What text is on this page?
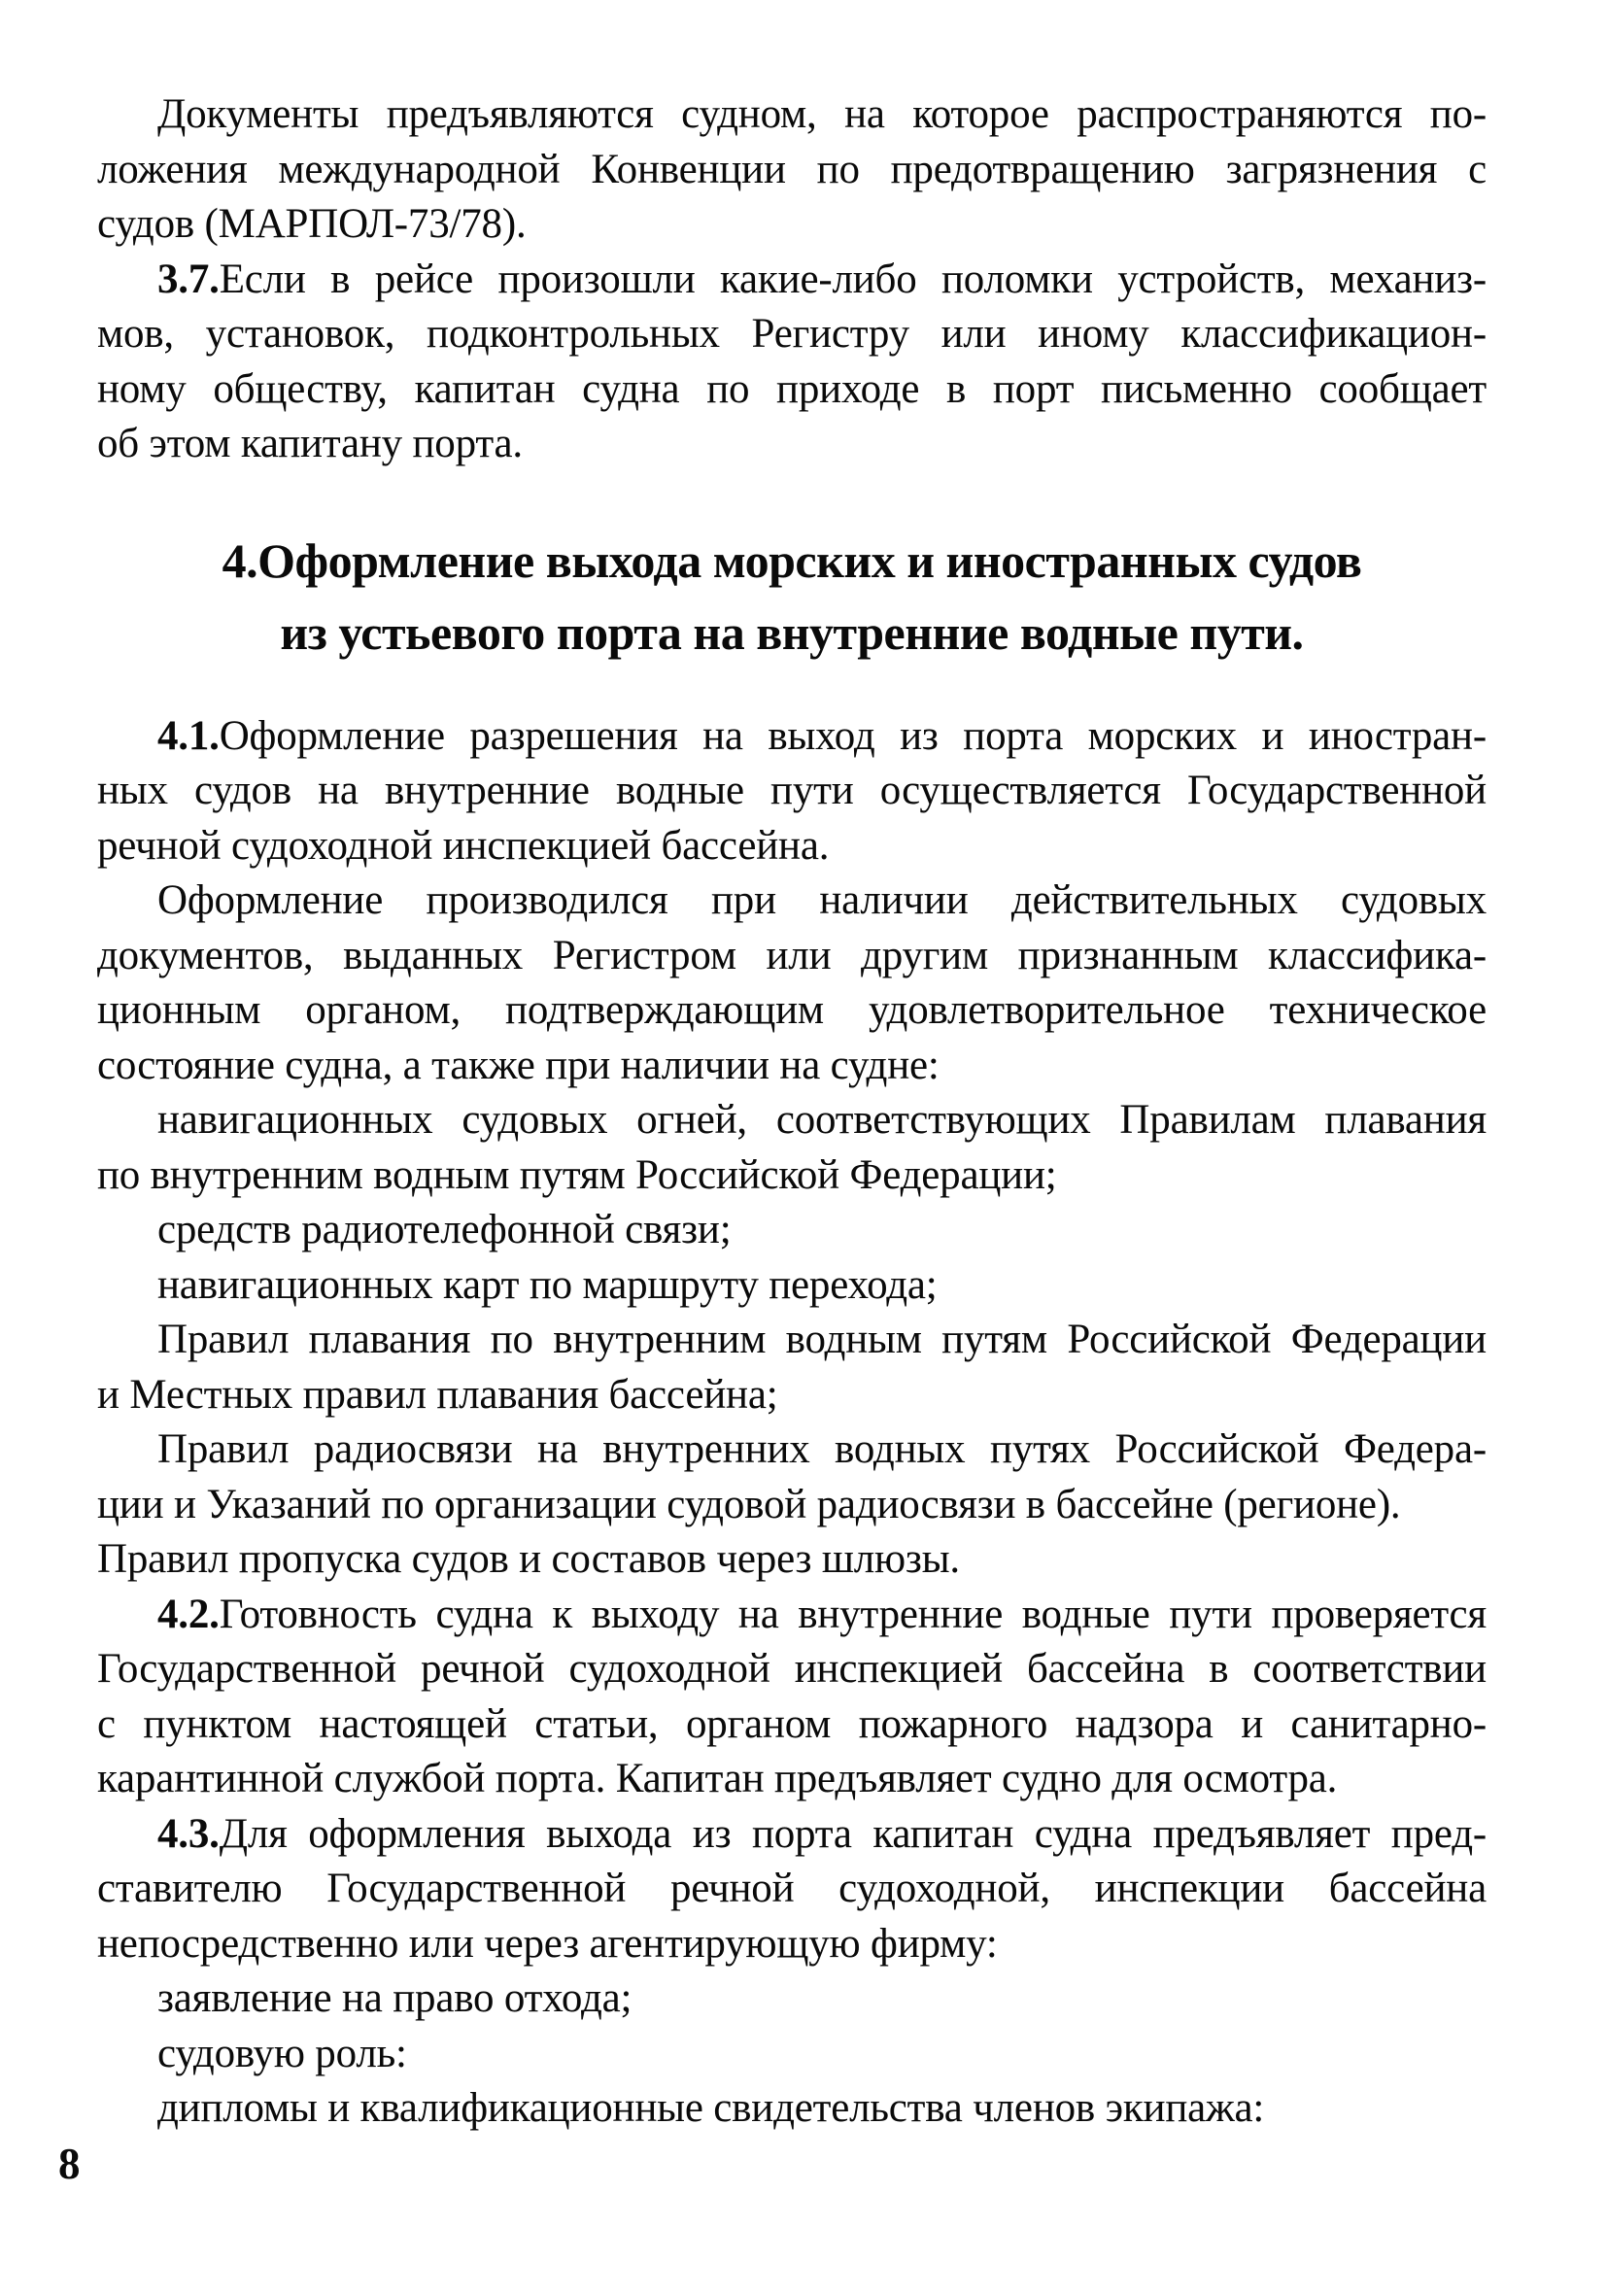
Документы предъявляются судном, на которое распространяются по-
ложения международной Конвенции по предотвращению загрязнения с
судов (МАРПОЛ-73/78).
3.7.Если в рейсе произошли какие-либо поломки устройств, механиз-
мов, установок, подконтрольных Регистру или иному классификацион-
ному обществу, капитан судна по приходе в порт письменно сообщает
об этом капитану порта.
4.Оформление выхода морских и иностранных судов
из устьевого порта на внутренние водные пути.
4.1.Оформление разрешения на выход из порта морских и иностран-
ных судов на внутренние водные пути осуществляется Государственной
речной судоходной инспекцией бассейна.
Оформление производился при наличии действительных судовых
документов, выданных Регистром или другим признанным классифика-
ционным органом, подтверждающим удовлетворительное техническое
состояние судна, а также при наличии на судне:
навигационных судовых огней, соответствующих Правилам плавания
по внутренним водным путям Российской Федерации;
средств радиотелефонной связи;
навигационных карт по маршруту перехода;
Правил плавания по внутренним водным путям Российской Федерации
и Местных правил плавания бассейна;
Правил радиосвязи на внутренних водных путях Российской Федера-
ции и Указаний по организации судовой радиосвязи в бассейне (регионе).
Правил пропуска судов и составов через шлюзы.
4.2.Готовность судна к выходу на внутренние водные пути проверяется
Государственной речной судоходной инспекцией бассейна в соответствии
с пунктом настоящей статьи, органом пожарного надзора и санитарно-
карантинной службой порта. Капитан предъявляет судно для осмотра.
4.3.Для оформления выхода из порта капитан судна предъявляет пред-
ставителю Государственной речной судоходной, инспекции бассейна
непосредственно или через агентирующую фирму:
заявление на право отхода;
судовую роль:
дипломы и квалификационные свидетельства членов экипажа:
8
